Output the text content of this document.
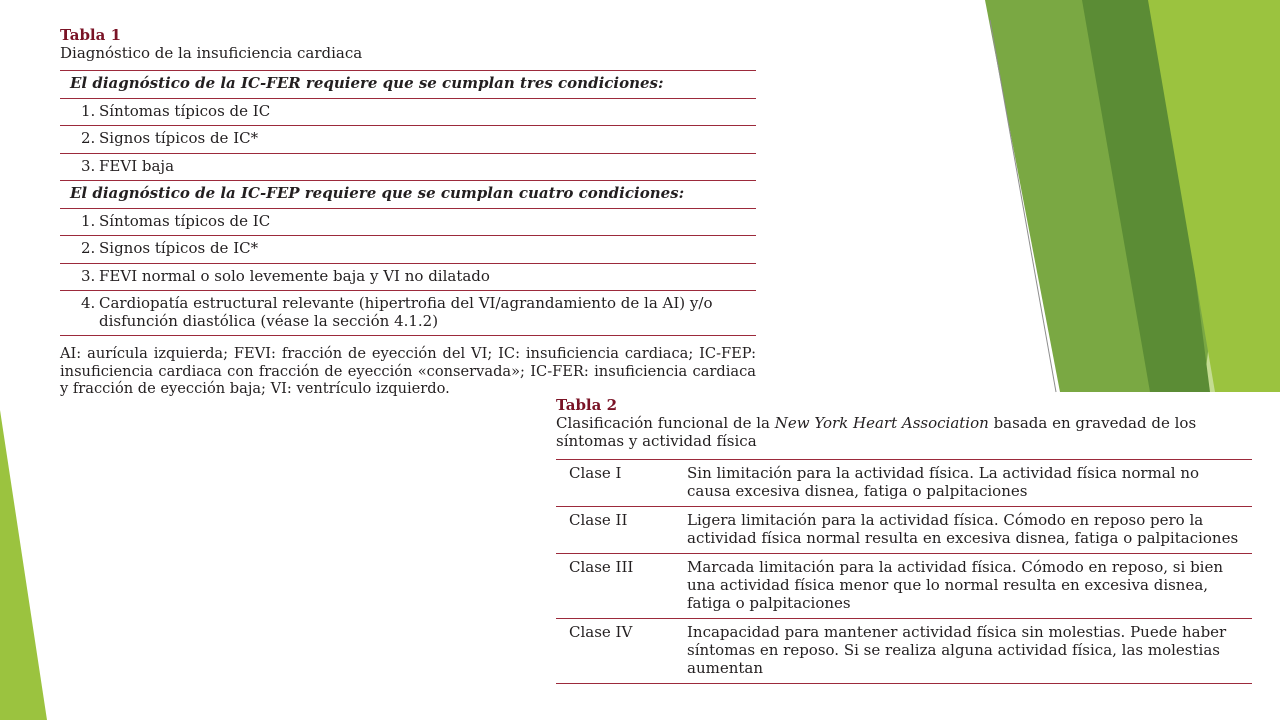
Tabla 1
Diagnóstico de la insuficiencia cardiaca
El diagnóstico de la IC-FER requiere que se cumplan tres condiciones:
1. Síntomas típicos de IC
2. Signos típicos de IC*
3. FEVI baja
El diagnóstico de la IC-FEP requiere que se cumplan cuatro condiciones:
1. Síntomas típicos de IC
2. Signos típicos de IC*
3. FEVI normal o solo levemente baja y VI no dilatado
4. Cardiopatía estructural relevante (hipertrofia del VI/agrandamiento de la AI) y/o disfunción diastólica (véase la sección 4.1.2)
AI: aurícula izquierda; FEVI: fracción de eyección del VI; IC: insuficiencia cardiaca; IC-FEP: insuficiencia cardiaca con fracción de eyección «conservada»; IC-FER: insuficiencia cardiaca y fracción de eyección baja; VI: ventrículo izquierdo.
Tabla 2
Clasificación funcional de la New York Heart Association basada en gravedad de los síntomas y actividad física
Clase I	Sin limitación para la actividad física. La actividad física normal no causa excesiva disnea, fatiga o palpitaciones
Clase II	Ligera limitación para la actividad física. Cómodo en reposo pero la actividad física normal resulta en excesiva disnea, fatiga o palpitaciones
Clase III	Marcada limitación para la actividad física. Cómodo en reposo, si bien una actividad física menor que lo normal resulta en excesiva disnea, fatiga o palpitaciones
Clase IV	Incapacidad para mantener actividad física sin molestias. Puede haber síntomas en reposo. Si se realiza alguna actividad física, las molestias aumentan
